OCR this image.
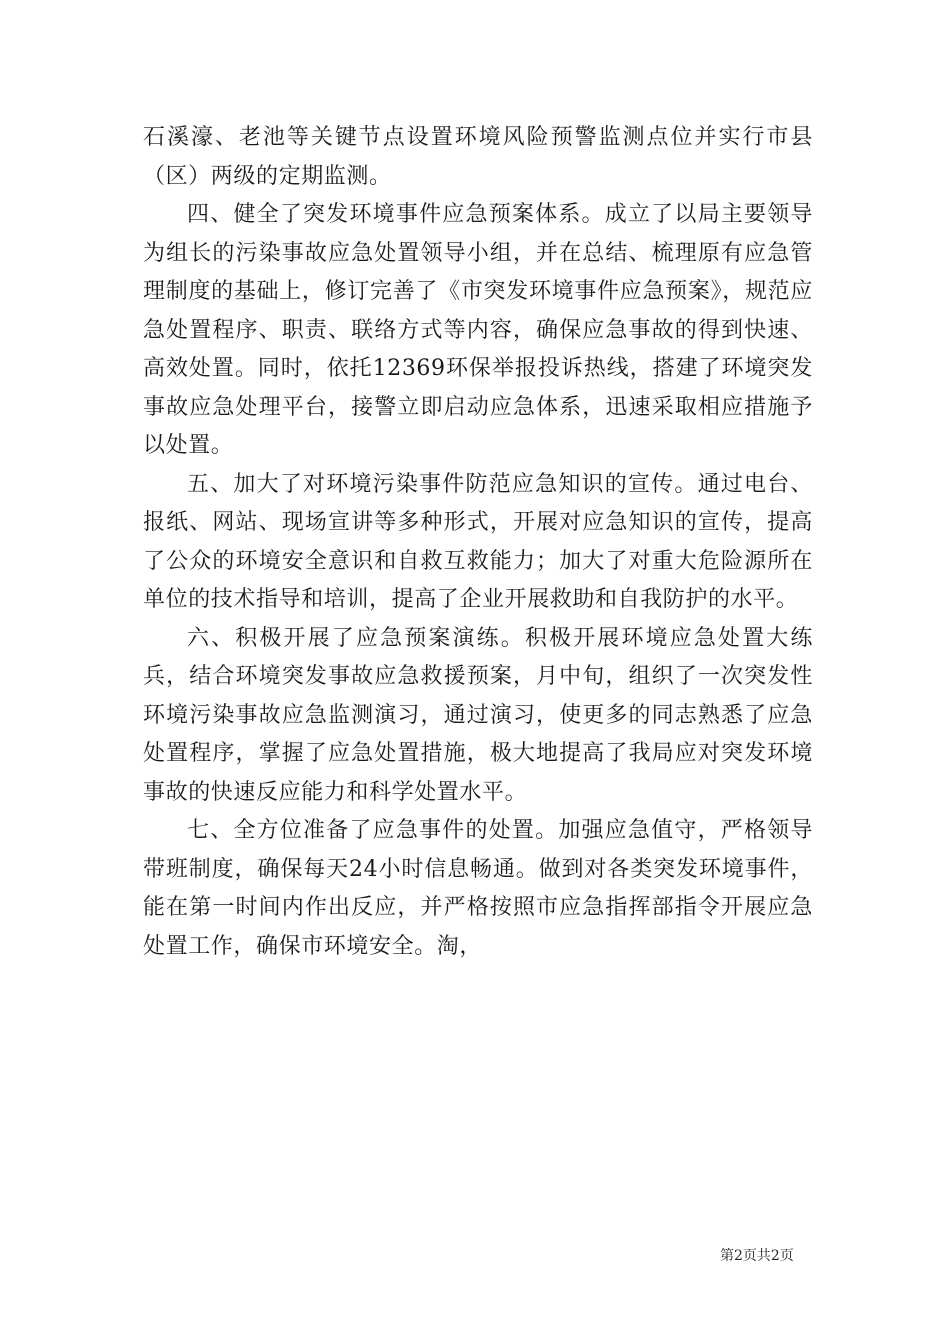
石溪濠、老池等关键节点设置环境风险预警监测点位并实行市县（区）两级的定期监测。

四、健全了突发环境事件应急预案体系。成立了以局主要领导为组长的污染事故应急处置领导小组，并在总结、梳理原有应急管理制度的基础上，修订完善了《市突发环境事件应急预案》，规范应急处置程序、职责、联络方式等内容，确保应急事故的得到快速、高效处置。同时，依托12369环保举报投诉热线，搭建了环境突发事故应急处理平台，接警立即启动应急体系，迅速采取相应措施予以处置。

五、加大了对环境污染事件防范应急知识的宣传。通过电台、报纸、网站、现场宣讲等多种形式，开展对应急知识的宣传，提高了公众的环境安全意识和自救互救能力；加大了对重大危险源所在单位的技术指导和培训，提高了企业开展救助和自我防护的水平。

六、积极开展了应急预案演练。积极开展环境应急处置大练兵，结合环境突发事故应急救援预案，月中旬，组织了一次突发性环境污染事故应急监测演习，通过演习，使更多的同志熟悉了应急处置程序，掌握了应急处置措施，极大地提高了我局应对突发环境事故的快速反应能力和科学处置水平。

七、全方位准备了应急事件的处置。加强应急值守，严格领导带班制度，确保每天24小时信息畅通。做到对各类突发环境事件，能在第一时间内作出反应，并严格按照市应急指挥部指令开展应急处置工作，确保市环境安全。淘，

第2页共2页
